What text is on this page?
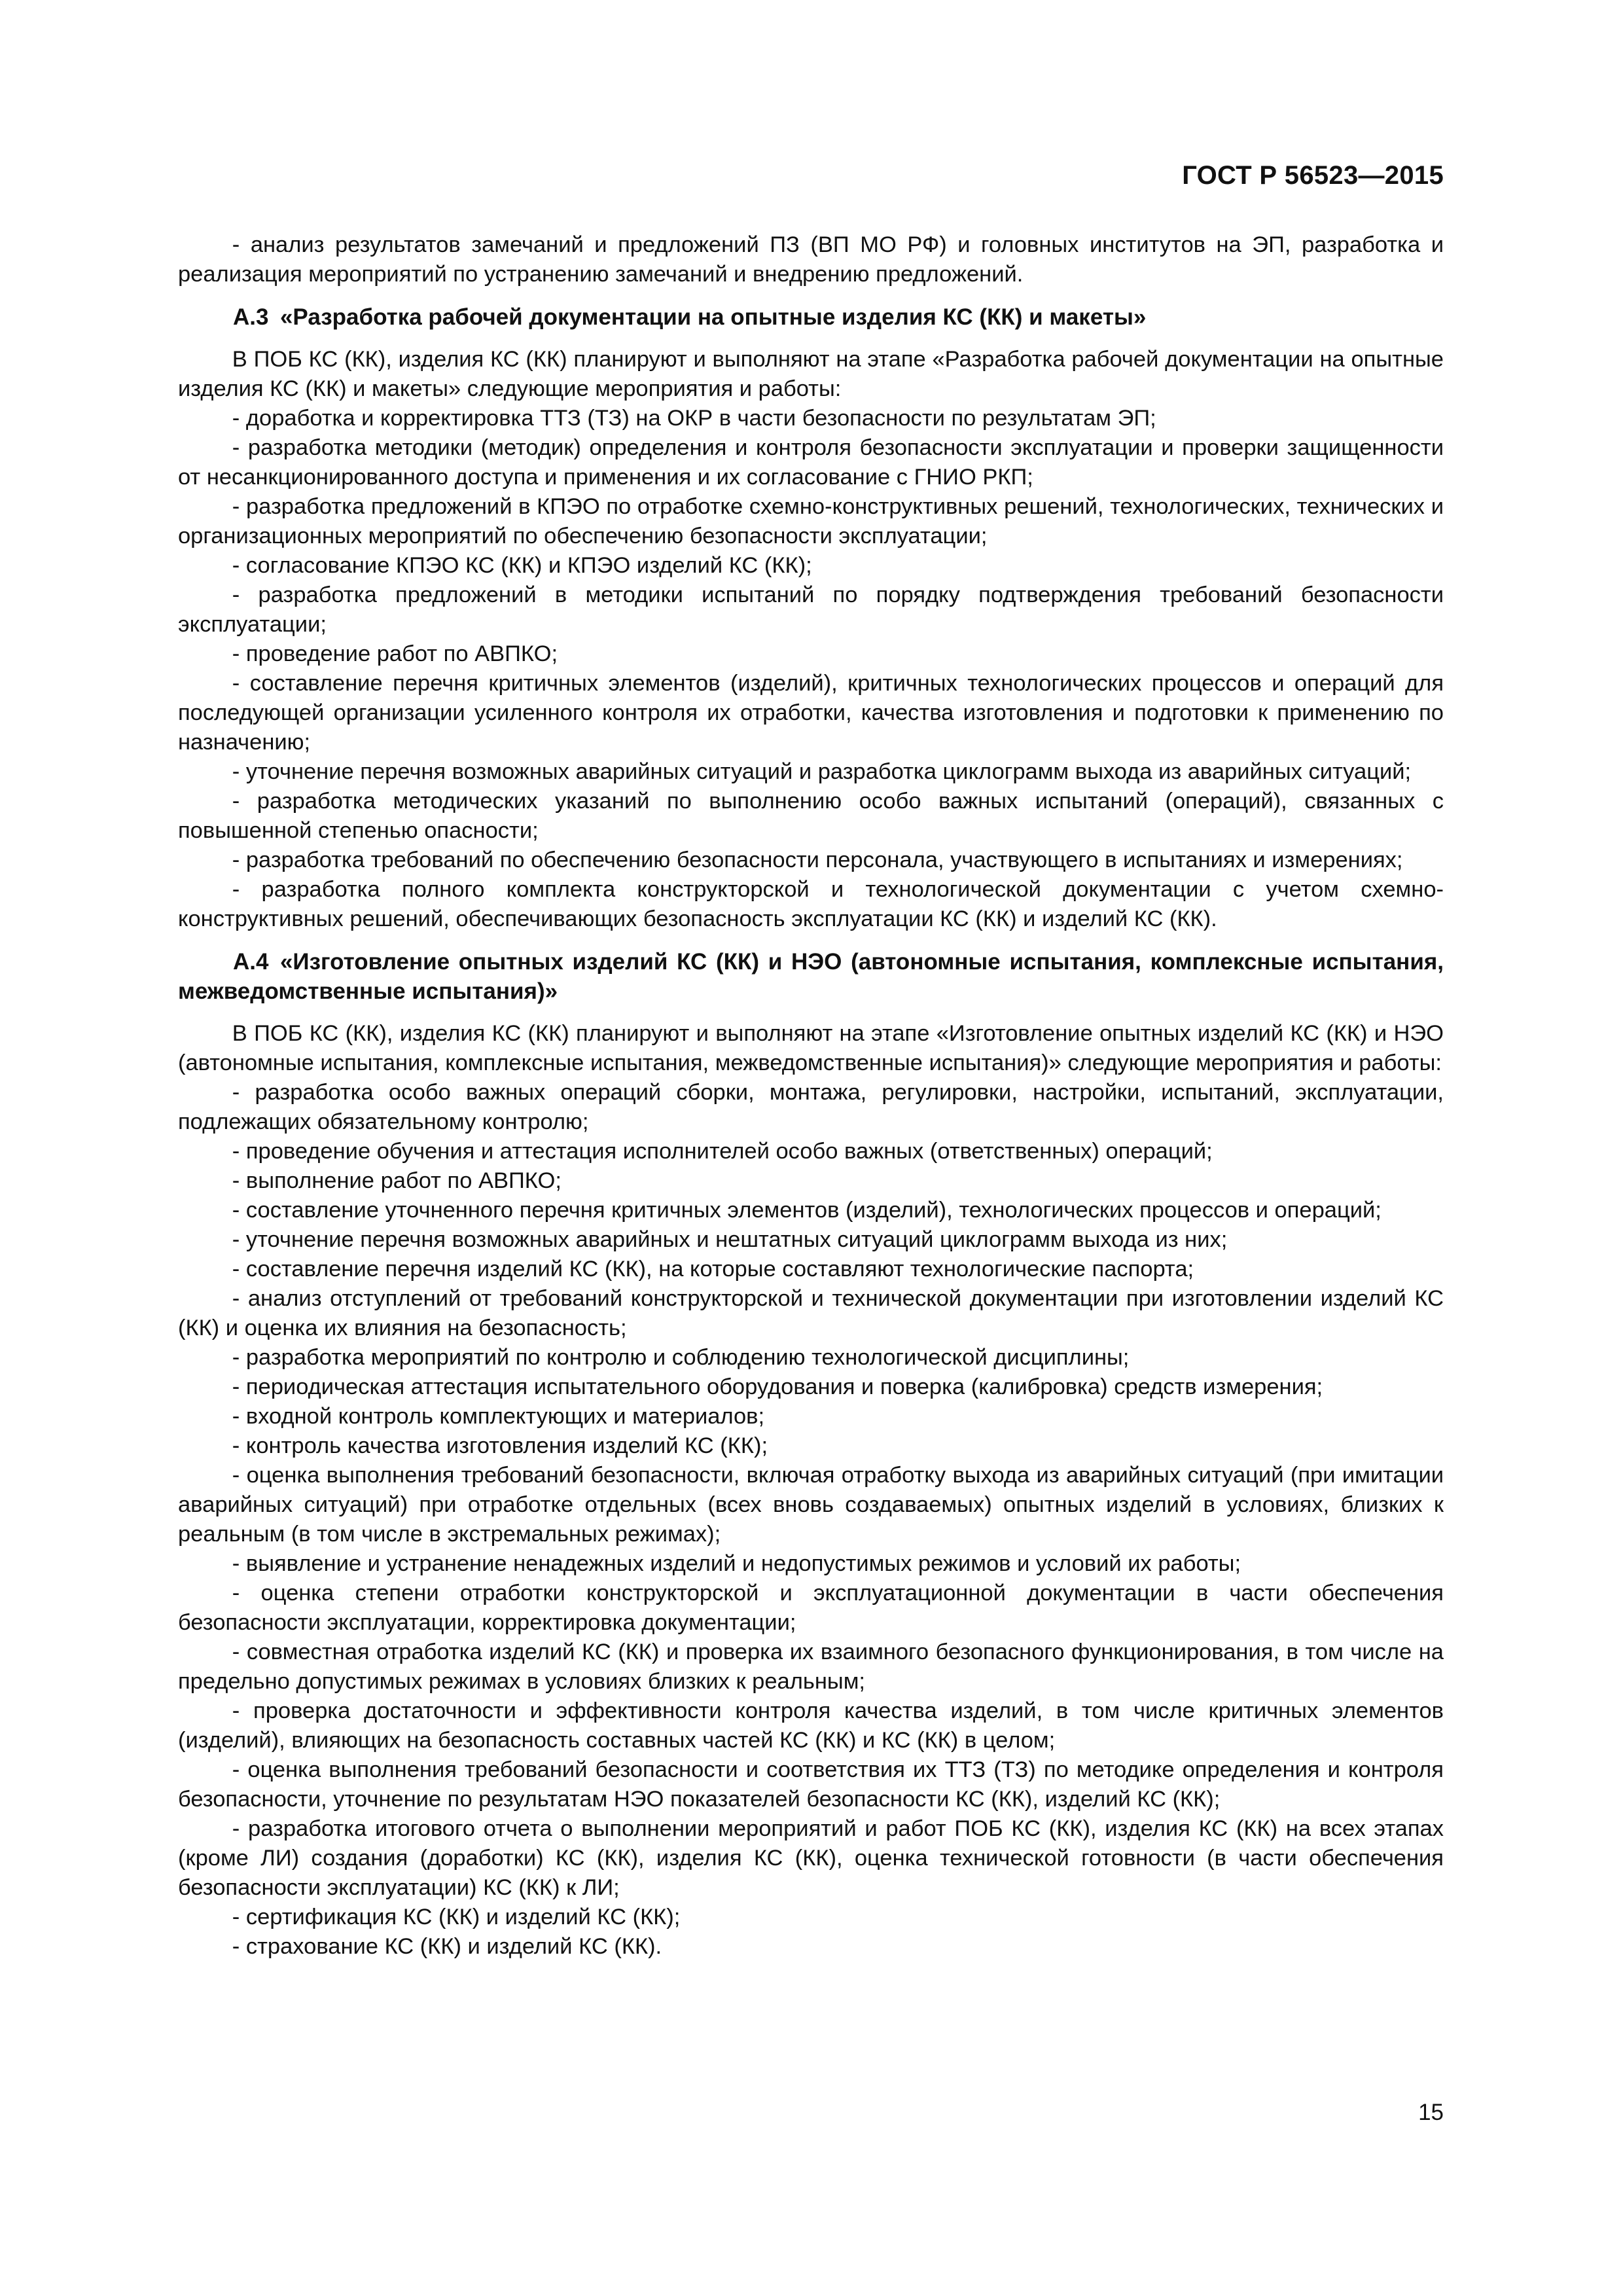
ГОСТ Р 56523—2015

- анализ результатов замечаний и предложений ПЗ (ВП МО РФ) и головных институтов на ЭП, разработка и реализация мероприятий по устранению замечаний и внедрению предложений.

А.3 «Разработка рабочей документации на опытные изделия КС (КК) и макеты»

В ПОБ КС (КК), изделия КС (КК) планируют и выполняют на этапе «Разработка рабочей документации на опытные изделия КС (КК) и макеты» следующие мероприятия и работы:

- доработка и корректировка ТТЗ (ТЗ) на ОКР в части безопасности по результатам ЭП;

- разработка методики (методик) определения и контроля безопасности эксплуатации и проверки защищенности от несанкционированного доступа и применения и их согласование с ГНИО РКП;

- разработка предложений в КПЭО по отработке схемно-конструктивных решений, технологических, технических и организационных мероприятий по обеспечению безопасности эксплуатации;

- согласование КПЭО КС (КК) и КПЭО изделий КС (КК);

- разработка предложений в методики испытаний по порядку подтверждения требований безопасности эксплуатации;

- проведение работ по АВПКО;

- составление перечня критичных элементов (изделий), критичных технологических процессов и операций для последующей организации усиленного контроля их отработки, качества изготовления и подготовки к применению по назначению;

- уточнение перечня возможных аварийных ситуаций и разработка циклограмм выхода из аварийных ситуаций;

- разработка методических указаний по выполнению особо важных испытаний (операций), связанных с повышенной степенью опасности;

- разработка требований по обеспечению безопасности персонала, участвующего в испытаниях и измерениях;

- разработка полного комплекта конструкторской и технологической документации с учетом схемно-конструктивных решений, обеспечивающих безопасность эксплуатации КС (КК) и изделий КС (КК).

А.4 «Изготовление опытных изделий КС (КК) и НЭО (автономные испытания, комплексные испытания, межведомственные испытания)»

В ПОБ КС (КК), изделия КС (КК) планируют и выполняют на этапе «Изготовление опытных изделий КС (КК) и НЭО (автономные испытания, комплексные испытания, межведомственные испытания)» следующие мероприятия и работы:

- разработка особо важных операций сборки, монтажа, регулировки, настройки, испытаний, эксплуатации, подлежащих обязательному контролю;

- проведение обучения и аттестация исполнителей особо важных (ответственных) операций;

- выполнение работ по АВПКО;

- составление уточненного перечня критичных элементов (изделий), технологических процессов и операций;

- уточнение перечня возможных аварийных и нештатных ситуаций циклограмм выхода из них;

- составление перечня изделий КС (КК), на которые составляют технологические паспорта;

- анализ отступлений от требований конструкторской и технической документации при изготовлении изделий КС (КК) и оценка их влияния на безопасность;

- разработка мероприятий по контролю и соблюдению технологической дисциплины;

- периодическая аттестация испытательного оборудования и поверка (калибровка) средств измерения;

- входной контроль комплектующих и материалов;

- контроль качества изготовления изделий КС (КК);

- оценка выполнения требований безопасности, включая отработку выхода из аварийных ситуаций (при имитации аварийных ситуаций) при отработке отдельных (всех вновь создаваемых) опытных изделий в условиях, близких к реальным (в том числе в экстремальных режимах);

- выявление и устранение ненадежных изделий и недопустимых режимов и условий их работы;

- оценка степени отработки конструкторской и эксплуатационной документации в части обеспечения безопасности эксплуатации, корректировка документации;

- совместная отработка изделий КС (КК) и проверка их взаимного безопасного функционирования, в том числе на предельно допустимых режимах в условиях близких к реальным;

- проверка достаточности и эффективности контроля качества изделий, в том числе критичных элементов (изделий), влияющих на безопасность составных частей КС (КК) и КС (КК) в целом;

- оценка выполнения требований безопасности и соответствия их ТТЗ (ТЗ) по методике определения и контроля безопасности, уточнение по результатам НЭО показателей безопасности КС (КК), изделий КС (КК);

- разработка итогового отчета о выполнении мероприятий и работ ПОБ КС (КК), изделия КС (КК) на всех этапах (кроме ЛИ) создания (доработки) КС (КК), изделия КС (КК), оценка технической готовности (в части обеспечения безопасности эксплуатации) КС (КК) к ЛИ;

- сертификация КС (КК) и изделий КС (КК);

- страхование КС (КК) и изделий КС (КК).

15
